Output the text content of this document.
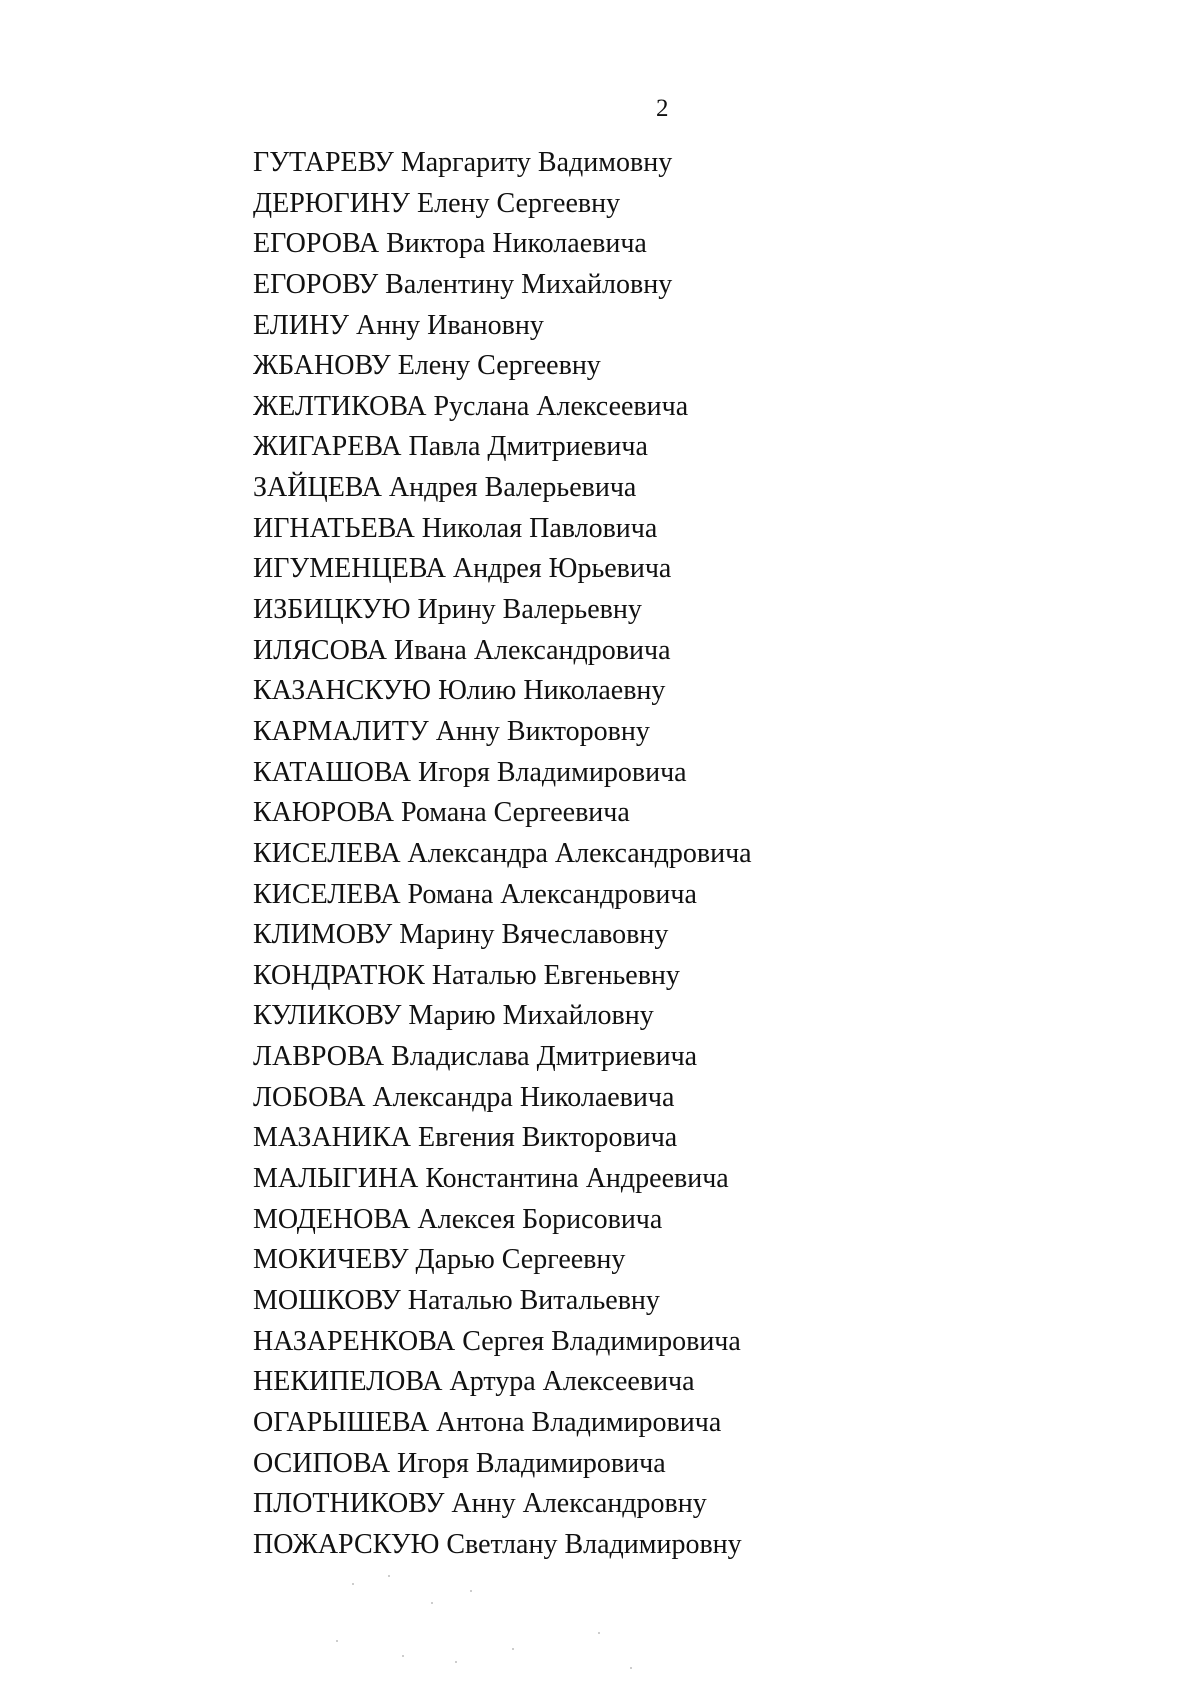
2
ГУТАРЕВУ Маргариту Вадимовну
ДЕРЮГИНУ Елену Сергеевну
ЕГОРОВА Виктора Николаевича
ЕГОРОВУ Валентину Михайловну
ЕЛИНУ Анну Ивановну
ЖБАНОВУ Елену Сергеевну
ЖЕЛТИКОВА Руслана Алексеевича
ЖИГАРЕВА Павла Дмитриевича
ЗАЙЦЕВА Андрея Валерьевича
ИГНАТЬЕВА Николая Павловича
ИГУМЕНЦЕВА Андрея Юрьевича
ИЗБИЦКУЮ Ирину Валерьевну
ИЛЯСОВА Ивана Александровича
КАЗАНСКУЮ Юлию Николаевну
КАРМАЛИТУ Анну Викторовну
КАТАШОВА Игоря Владимировича
КАЮРОВА Романа Сергеевича
КИСЕЛЕВА Александра Александровича
КИСЕЛЕВА Романа Александровича
КЛИМОВУ Марину Вячеславовну
КОНДРАТЮК Наталью Евгеньевну
КУЛИКОВУ Марию Михайловну
ЛАВРОВА Владислава Дмитриевича
ЛОБОВА Александра Николаевича
МАЗАНИКА Евгения Викторовича
МАЛЫГИНА Константина Андреевича
МОДЕНОВА Алексея Борисовича
МОКИЧЕВУ Дарью Сергеевну
МОШКОВУ Наталью Витальевну
НАЗАРЕНКОВА Сергея Владимировича
НЕКИПЕЛОВА Артура Алексеевича
ОГАРЫШЕВА Антона Владимировича
ОСИПОВА Игоря Владимировича
ПЛОТНИКОВУ Анну Александровну
ПОЖАРСКУЮ Светлану Владимировну
